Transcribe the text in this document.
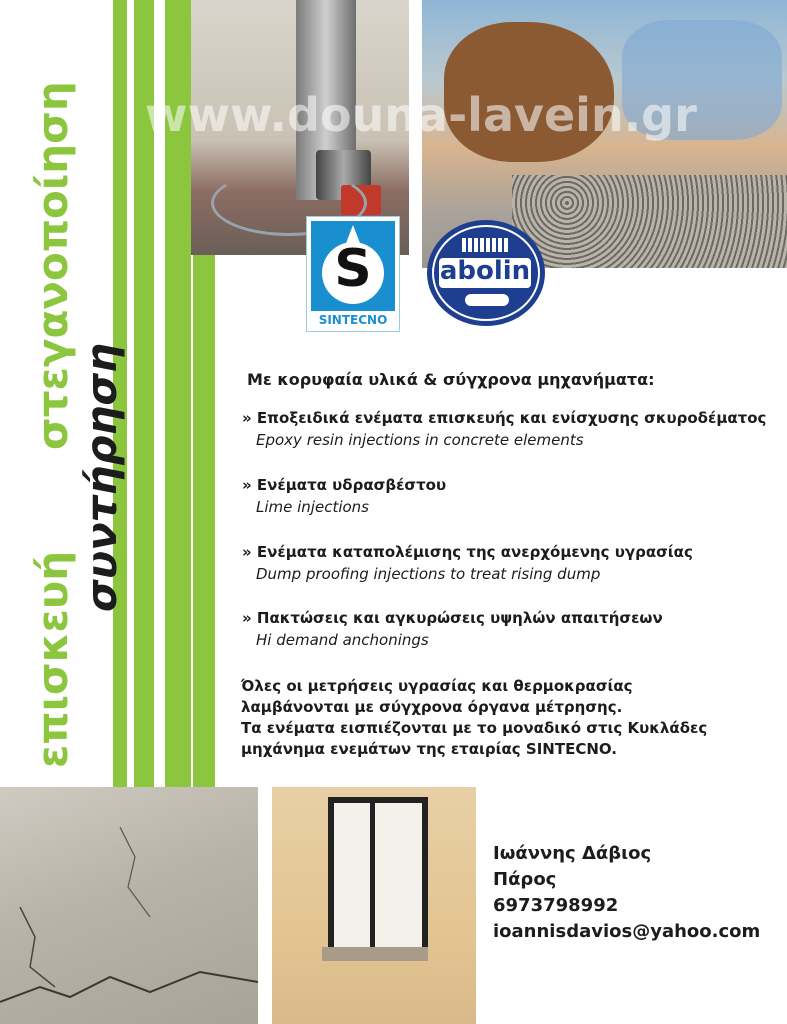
επισκευή
στεγανοποίηση
συντήρηση
www.douna-lavein.gr
S
SINTECNO
abolin
Με κορυφαία υλικά & σύγχρονα μηχανήματα:
» Εποξειδικά ενέματα επισκευής και ενίσχυσης σκυροδέματος
Epoxy resin injections in concrete elements
» Ενέματα υδρασβέστου
Lime injections
» Ενέματα καταπολέμισης της ανερχόμενης υγρασίας
Dump proofing injections to treat rising dump
» Πακτώσεις και αγκυρώσεις υψηλών απαιτήσεων
Hi demand anchonings
Όλες οι μετρήσεις υγρασίας και θερμοκρασίας
λαμβάνονται με σύγχρονα όργανα μέτρησης.
Τα ενέματα εισπιέζονται με το μοναδικό στις Κυκλάδες
μηχάνημα ενεμάτων της εταιρίας SINTECNO.
Ιωάννης Δάβιος
Πάρος
6973798992
ioannisdavios@yahoo.com
